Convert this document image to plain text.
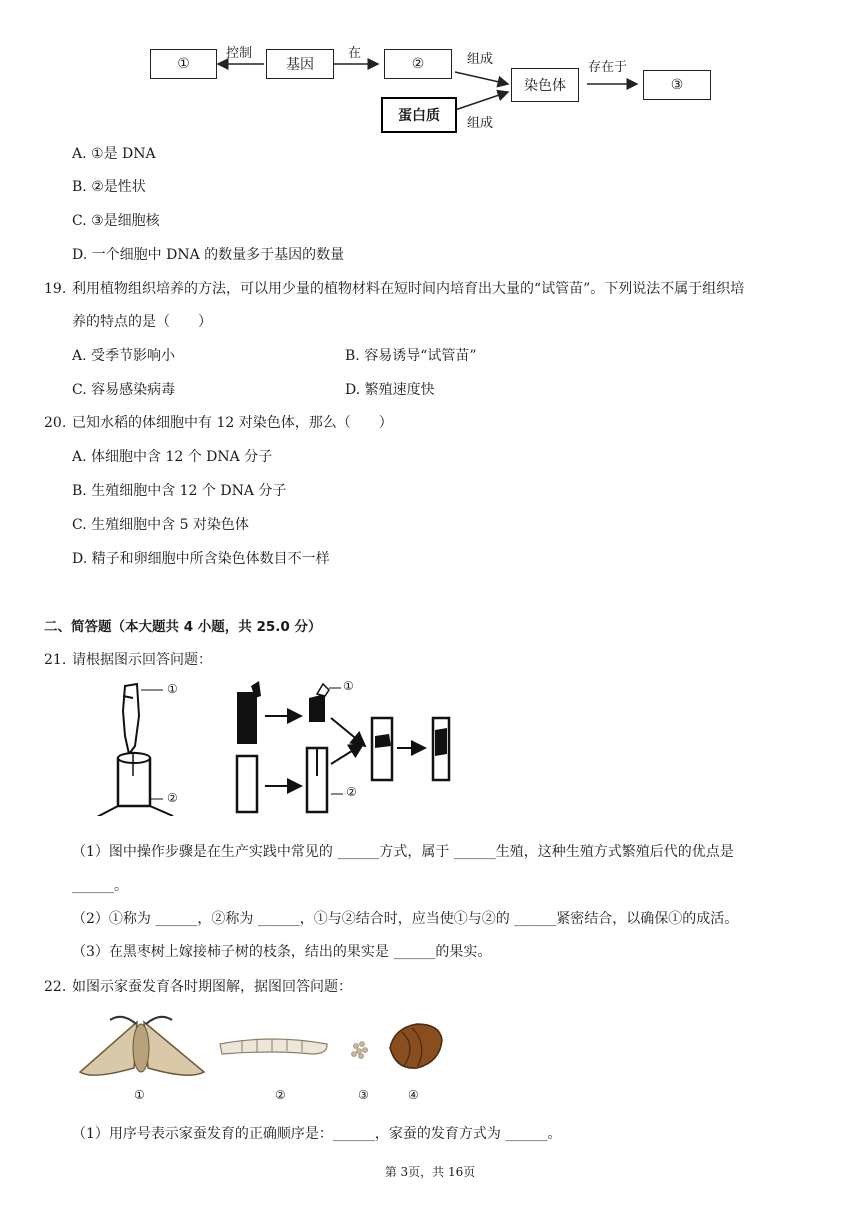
①	基因	②
染色体	③
蛋白质
控制	在	组成
组成
存在于
A. ①是 DNA
B. ②是性状
C. ③是细胞核
D. 一个细胞中 DNA 的数量多于基因的数量
19. 利用植物组织培养的方法，可以用少量的植物材料在短时间内培育出大量的“试管苗”。下列说法不属于组织培
养的特点的是（　　）
A. 受季节影响小	B. 容易诱导“试管苗”
C. 容易感染病毒	D. 繁殖速度快
20. 已知水稻的体细胞中有 12 对染色体，那么（　　）
A. 体细胞中含 12 个 DNA 分子
B. 生殖细胞中含 12 个 DNA 分子
C. 生殖细胞中含 5 对染色体
D. 精子和卵细胞中所含染色体数目不一样
二、简答题（本大题共 4 小题，共 25.0 分）
21. 请根据图示回答问题：
①
②
①
②
（1）图中操作步骤是在生产实践中常见的 ______方式，属于 ______生殖，这种生殖方式繁殖后代的优点是
______。
（2）①称为 ______，②称为 ______，①与②结合时，应当使①与②的 ______紧密结合，以确保①的成活。
（3）在黑枣树上嫁接柿子树的枝条，结出的果实是 ______的果实。
22. 如图示家蚕发育各时期图解，据图回答问题：
①	②	③	④
（1）用序号表示家蚕发育的正确顺序是：______，家蚕的发育方式为 ______。
第 3页，共 16页
